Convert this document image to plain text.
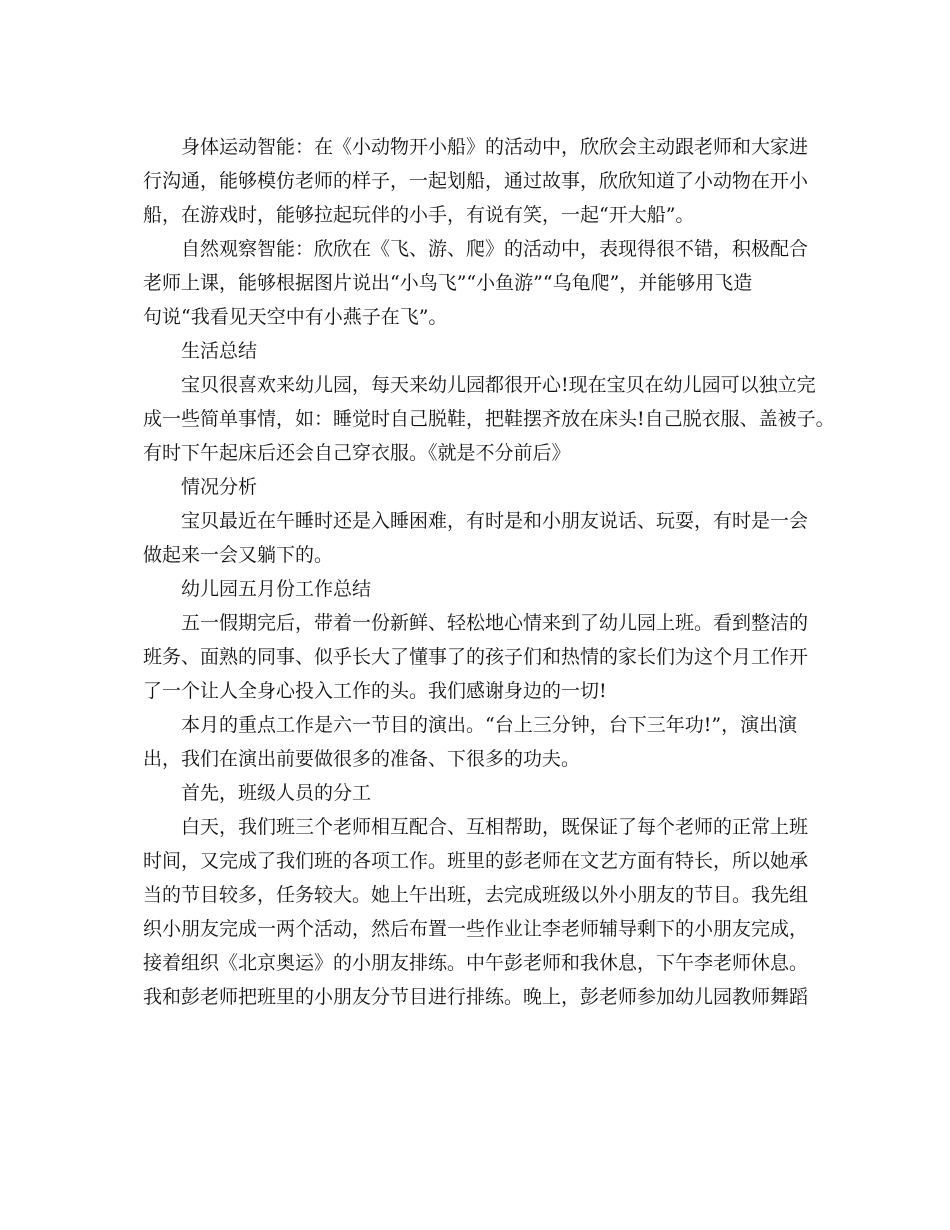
身体运动智能：在《小动物开小船》的活动中，欣欣会主动跟老师和大家进
行沟通，能够模仿老师的样子，一起划船，通过故事，欣欣知道了小动物在开小
船，在游戏时，能够拉起玩伴的小手，有说有笑，一起“开大船”。
自然观察智能：欣欣在《飞、游、爬》的活动中，表现得很不错，积极配合
老师上课，能够根据图片说出“小鸟飞”“小鱼游”“乌龟爬”，并能够用飞造
句说“我看见天空中有小燕子在飞”。
生活总结
宝贝很喜欢来幼儿园，每天来幼儿园都很开心!现在宝贝在幼儿园可以独立完
成一些简单事情，如：睡觉时自己脱鞋，把鞋摆齐放在床头!自己脱衣服、盖被子。
有时下午起床后还会自己穿衣服。《就是不分前后》
情况分析
宝贝最近在午睡时还是入睡困难，有时是和小朋友说话、玩耍，有时是一会
做起来一会又躺下的。
幼儿园五月份工作总结
五一假期完后，带着一份新鲜、轻松地心情来到了幼儿园上班。看到整洁的
班务、面熟的同事、似乎长大了懂事了的孩子们和热情的家长们为这个月工作开
了一个让人全身心投入工作的头。我们感谢身边的一切!
本月的重点工作是六一节目的演出。“台上三分钟，台下三年功!”，演出演
出，我们在演出前要做很多的准备、下很多的功夫。
首先，班级人员的分工
白天，我们班三个老师相互配合、互相帮助，既保证了每个老师的正常上班
时间，又完成了我们班的各项工作。班里的彭老师在文艺方面有特长，所以她承
当的节目较多，任务较大。她上午出班，去完成班级以外小朋友的节目。我先组
织小朋友完成一两个活动，然后布置一些作业让李老师辅导剩下的小朋友完成，
接着组织《北京奥运》的小朋友排练。中午彭老师和我休息，下午李老师休息。
我和彭老师把班里的小朋友分节目进行排练。晚上，彭老师参加幼儿园教师舞蹈
